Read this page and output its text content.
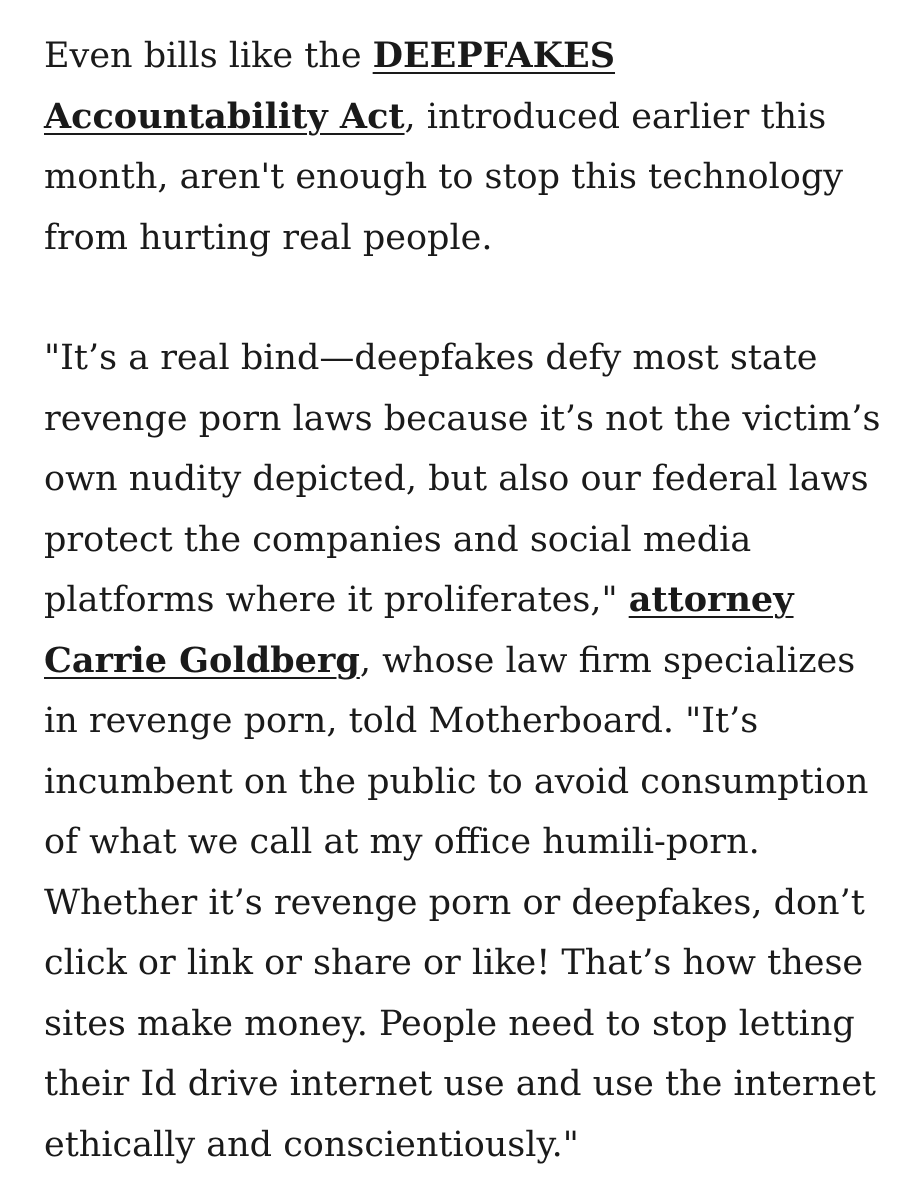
Even bills like the DEEPFAKES Accountability Act, introduced earlier this month, aren't enough to stop this technology from hurting real people.

"It’s a real bind—deepfakes defy most state revenge porn laws because it’s not the victim’s own nudity depicted, but also our federal laws protect the companies and social media platforms where it proliferates," attorney Carrie Goldberg, whose law firm specializes in revenge porn, told Motherboard. "It’s incumbent on the public to avoid consumption of what we call at my office humili-porn. Whether it’s revenge porn or deepfakes, don’t click or link or share or like! That’s how these sites make money. People need to stop letting their Id drive internet use and use the internet ethically and conscientiously."
